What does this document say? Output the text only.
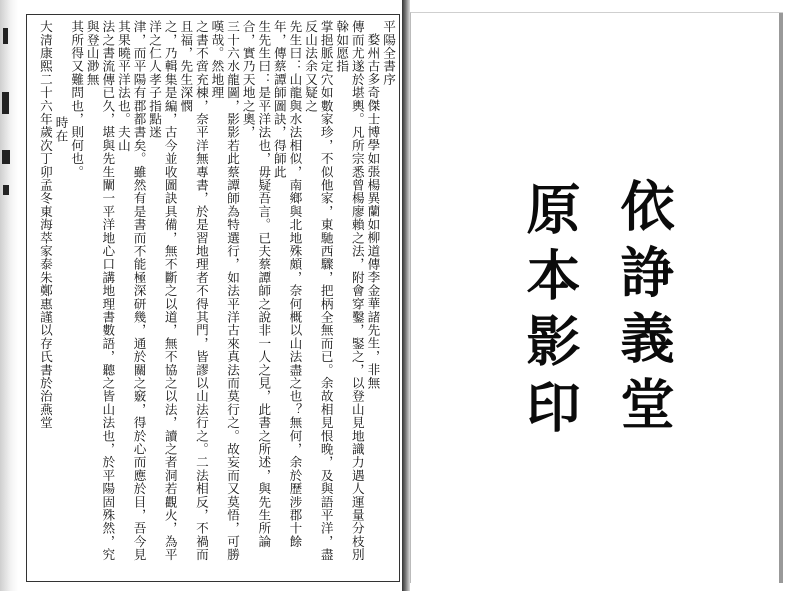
平陽全書序
婺州古多奇傑士博學如張楊異蘭如柳道傳李金華諸先生，非無
傳而尤遂於堪輿。凡所宗悉曾楊廖賴之法，附會穿鑿，鋻之，以登山見地識力遇人運量分枝別榦如愿指
掌挹脈定穴如數家珍，不似他家，東馳西驟，把柄全無而已。余故相見恨晚，及與語平洋，盡反山法余又疑之
先生曰：山龍與水法相似，南鄉與北地殊頗，奈何概以山法盡之也？無何，余於歷涉郡十餘年，傳蔡譚師圖訣，得師此
生先生曰：是平洋法也，毋疑吾言。已夫蔡譚師之說非一人之見，此書之所述，與先生所論合，實乃天地之奧，
三十六水龍圖，影影若此蔡譚師為特選行，如法平洋古來真法而莫行之。故妄而又莫悟，可勝嘆哉。然地理
之書不啻充棟，奈平洋無專書，於是習地理者不得其門，皆謬以山法行之。二法相反，不禍而且福，先生深憫
之，乃輯集是編，古今並收圖訣具備，無不斷之以道，無不協之以法，讀之者洞若觀火，為平洋之仁人孝子指點迷
津，而平陽有郡都書矣。雖然有是書而不能極深研幾，通於關之竅，得於心而應於目，吾今見其果曉平洋法也。夫山
法之書流傳已久，堪與先生闡一平洋地心口講地理書數語，聽之皆山法也，於平陽固殊然，究與登山渺無
其所得又難問也，則何也。
時在
大清康熙二十六年歲次丁卯孟冬東海萃家泰朱鄭惠謹以存氏書於治燕堂	依諍義堂
原本影印
